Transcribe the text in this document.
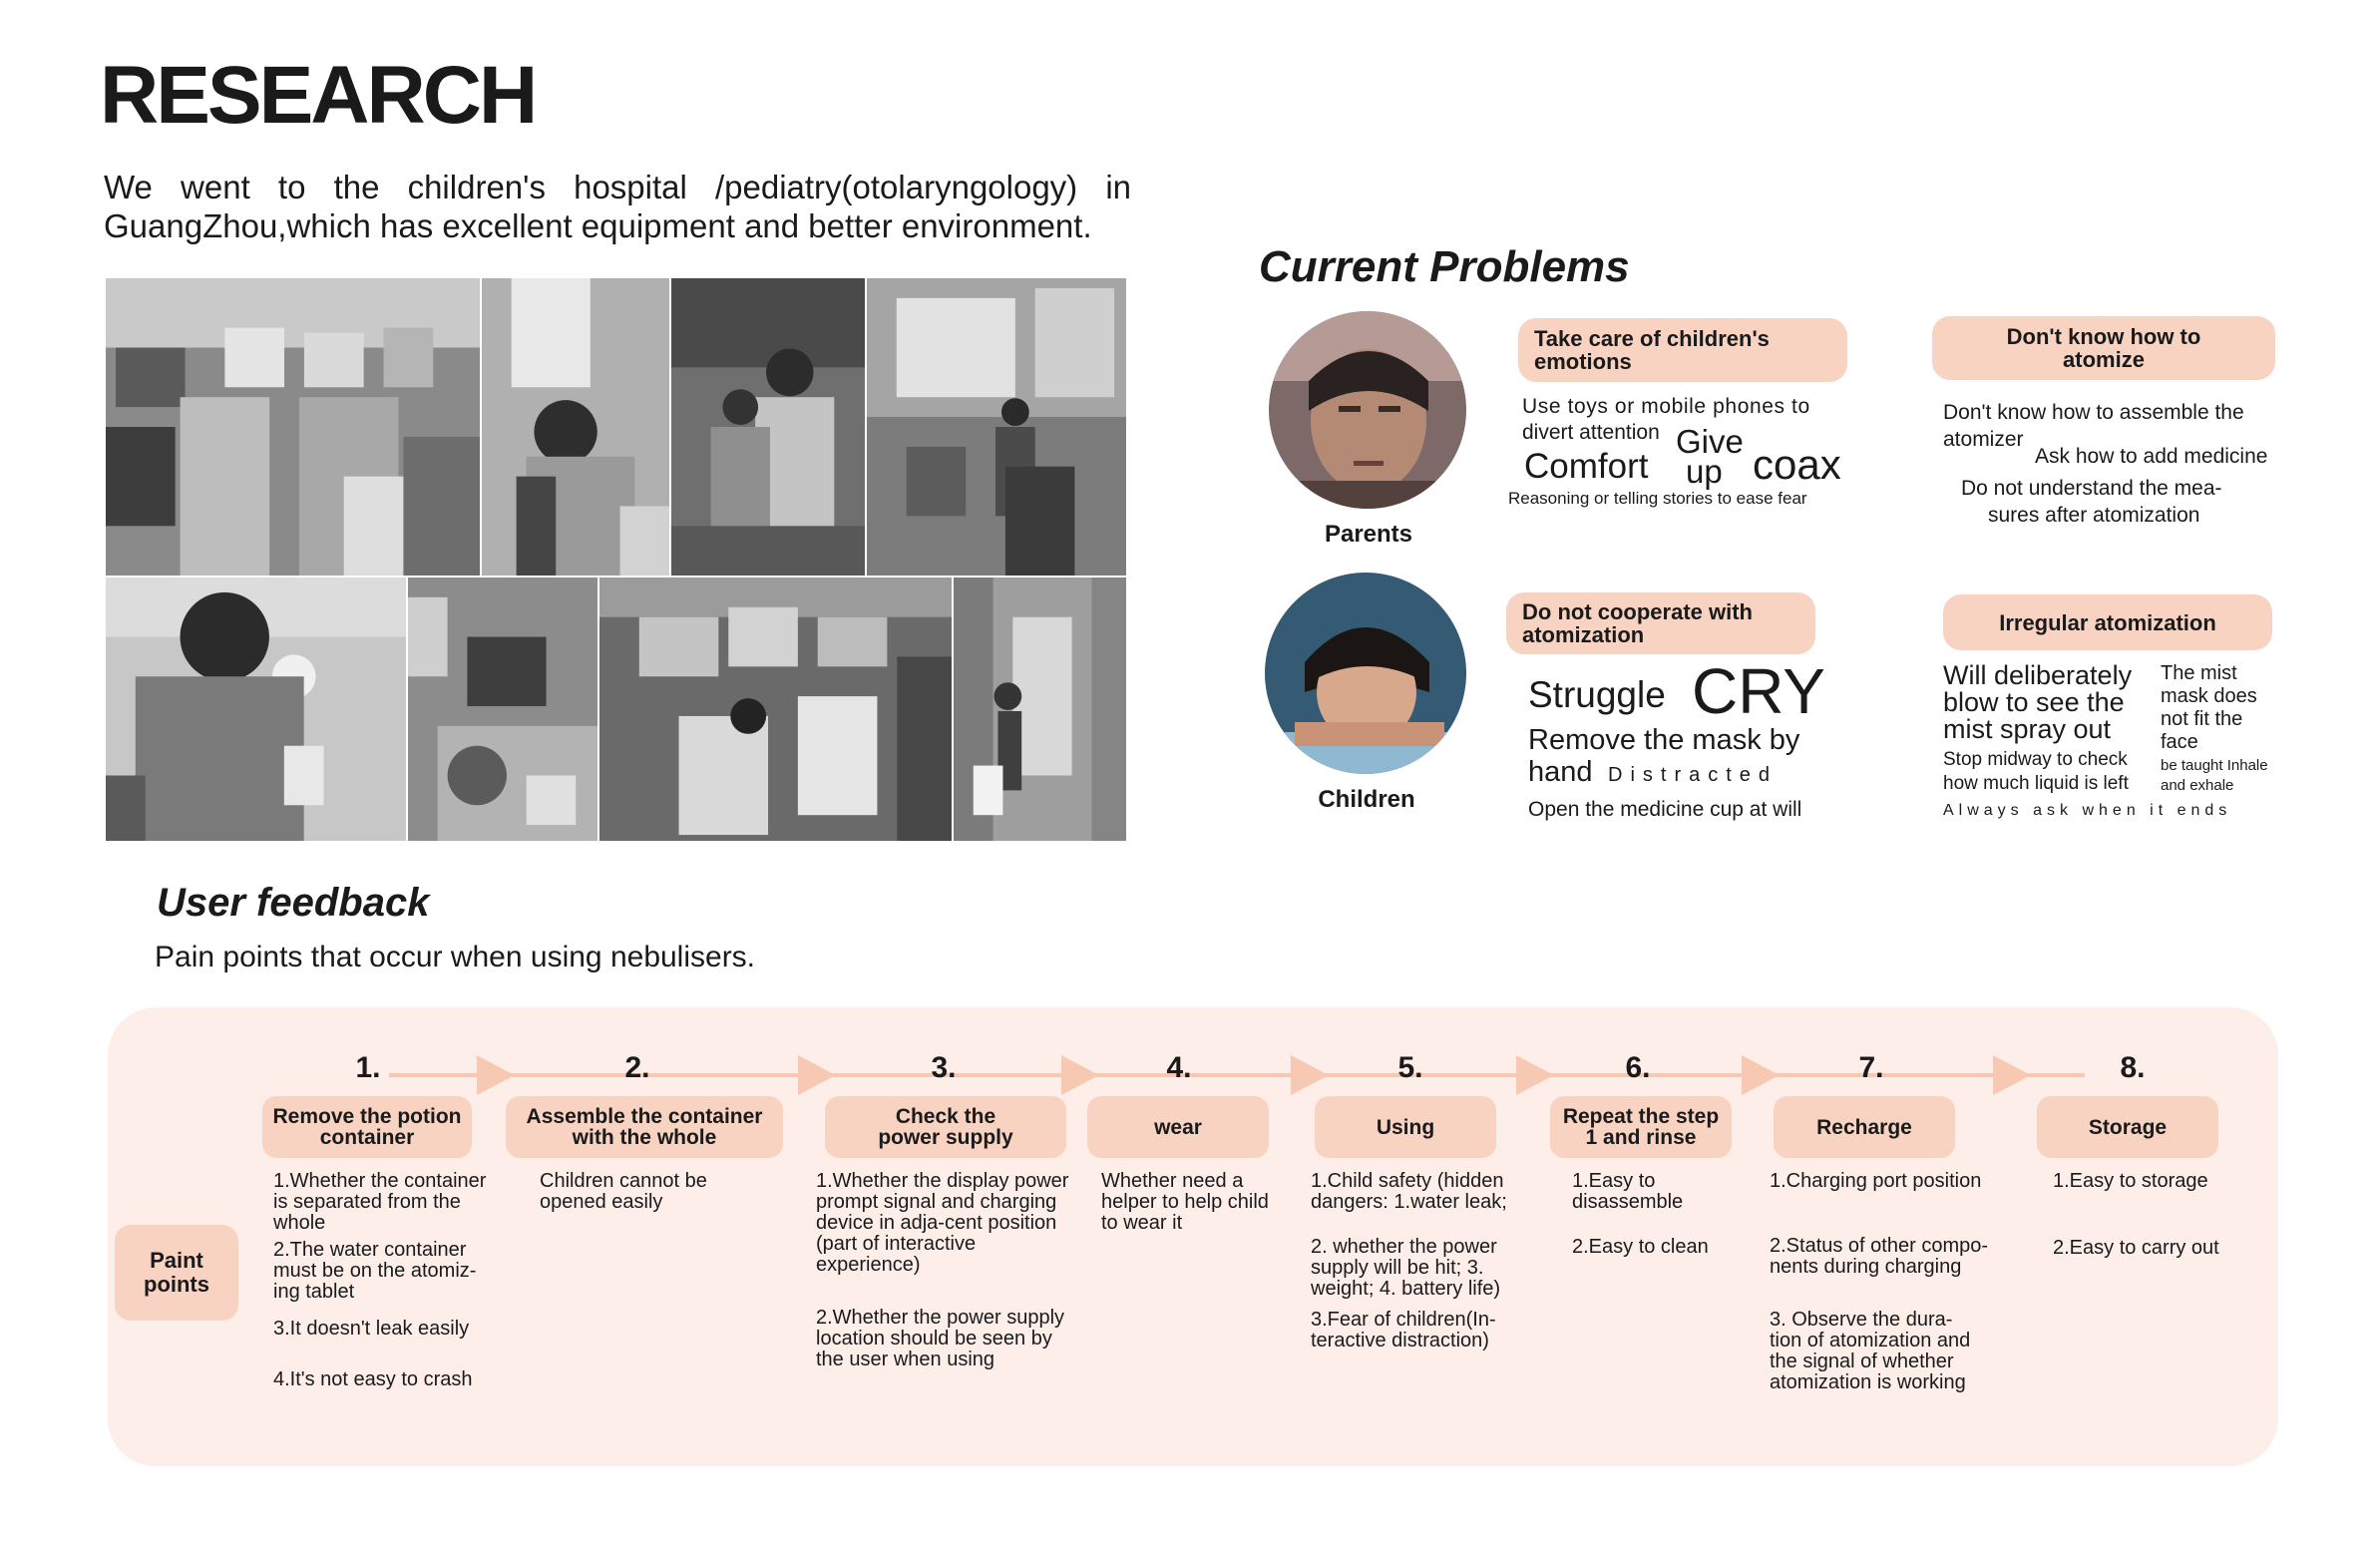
RESEARCH
We went to the children's hospital /pediatry(otolaryngology) in
GuangZhou,which has excellent equipment and better environment.
Current Problems
Parents
Children
Take care of children's emotions
Use toys or mobile phones to
divert attention Give
Comfort up coax
Reasoning or telling stories to ease fear
Don't know how to atomize
Don't know how to assemble the
atomizer
Ask how to add medicine
Do not understand the mea-
sures after atomization
Do not cooperate with atomization
Struggle CRY
Remove the mask by
hand Distracted
Open the medicine cup at will
Irregular atomization
Will deliberately
blow to see the
mist spray out
Stop midway to check
how much liquid is left
The mist
mask does
not fit the
face
be taught Inhale
and exhale
Always ask when it ends
User feedback
Pain points that occur when using nebulisers.
Paint points
1.
Remove the potion container
1.Whether the container is separated from the whole
2.The water container must be on the atomiz-ing tablet
3.It doesn't leak easily
4.It's not easy to crash
2.
Assemble the container with the whole
Children cannot be opened easily
3.
Check the power supply
1.Whether the display power prompt signal and charging device in adja-cent position (part of interactive experience)
2.Whether the power supply location should be seen by the user when using
4.
wear
Whether need a helper to help child to wear it
5.
Using
1.Child safety (hidden dangers: 1.water leak;
2. whether the power supply will be hit; 3. weight; 4. battery life)
3.Fear of children(In-teractive distraction)
6.
Repeat the step 1 and rinse
1.Easy to disassemble
2.Easy to clean
7.
Recharge
1.Charging port position
2.Status of other compo-nents during charging
3. Observe the dura-tion of atomization and the signal of whether atomization is working
8.
Storage
1.Easy to storage
2.Easy to carry out
